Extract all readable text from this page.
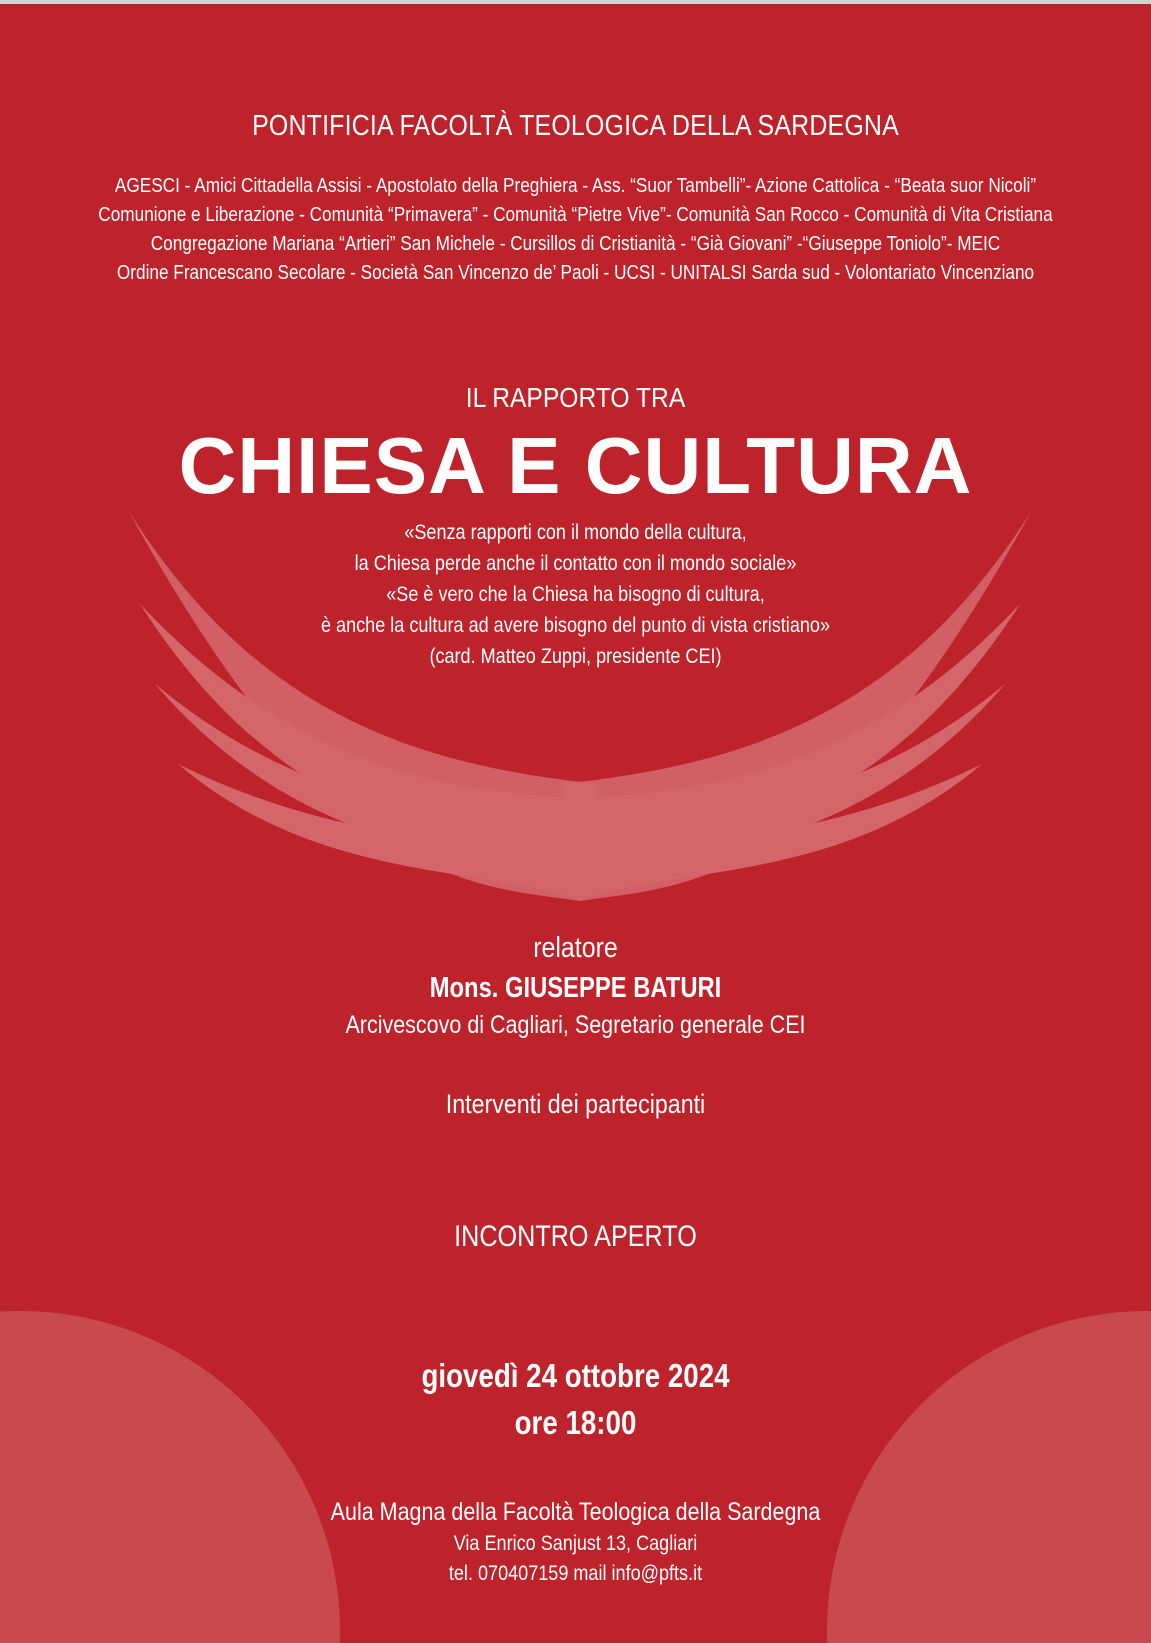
PONTIFICIA FACOLTÀ TEOLOGICA DELLA SARDEGNA
AGESCI - Amici Cittadella Assisi - Apostolato della Preghiera - Ass. “Suor Tambelli”- Azione Cattolica - “Beata suor Nicoli”
Comunione e Liberazione - Comunità “Primavera” - Comunità “Pietre Vive”- Comunità San Rocco - Comunità di Vita Cristiana
Congregazione Mariana “Artieri” San Michele - Cursillos di Cristianità - “Già Giovani” -“Giuseppe Toniolo”- MEIC
Ordine Francescano Secolare - Società San Vincenzo de’ Paoli - UCSI - UNITALSI Sarda sud - Volontariato Vincenziano
IL RAPPORTO TRA
CHIESA E CULTURA
«Senza rapporti con il mondo della cultura,
la Chiesa perde anche il contatto con il mondo sociale»
«Se è vero che la Chiesa ha bisogno di cultura,
è anche la cultura ad avere bisogno del punto di vista cristiano»
(card. Matteo Zuppi, presidente CEI)
relatore
Mons. GIUSEPPE BATURI
Arcivescovo di Cagliari, Segretario generale CEI
Interventi dei partecipanti
INCONTRO APERTO
giovedì 24 ottobre 2024
ore 18:00
Aula Magna della Facoltà Teologica della Sardegna
Via Enrico Sanjust 13, Cagliari
tel. 070407159 mail info@pfts.it
